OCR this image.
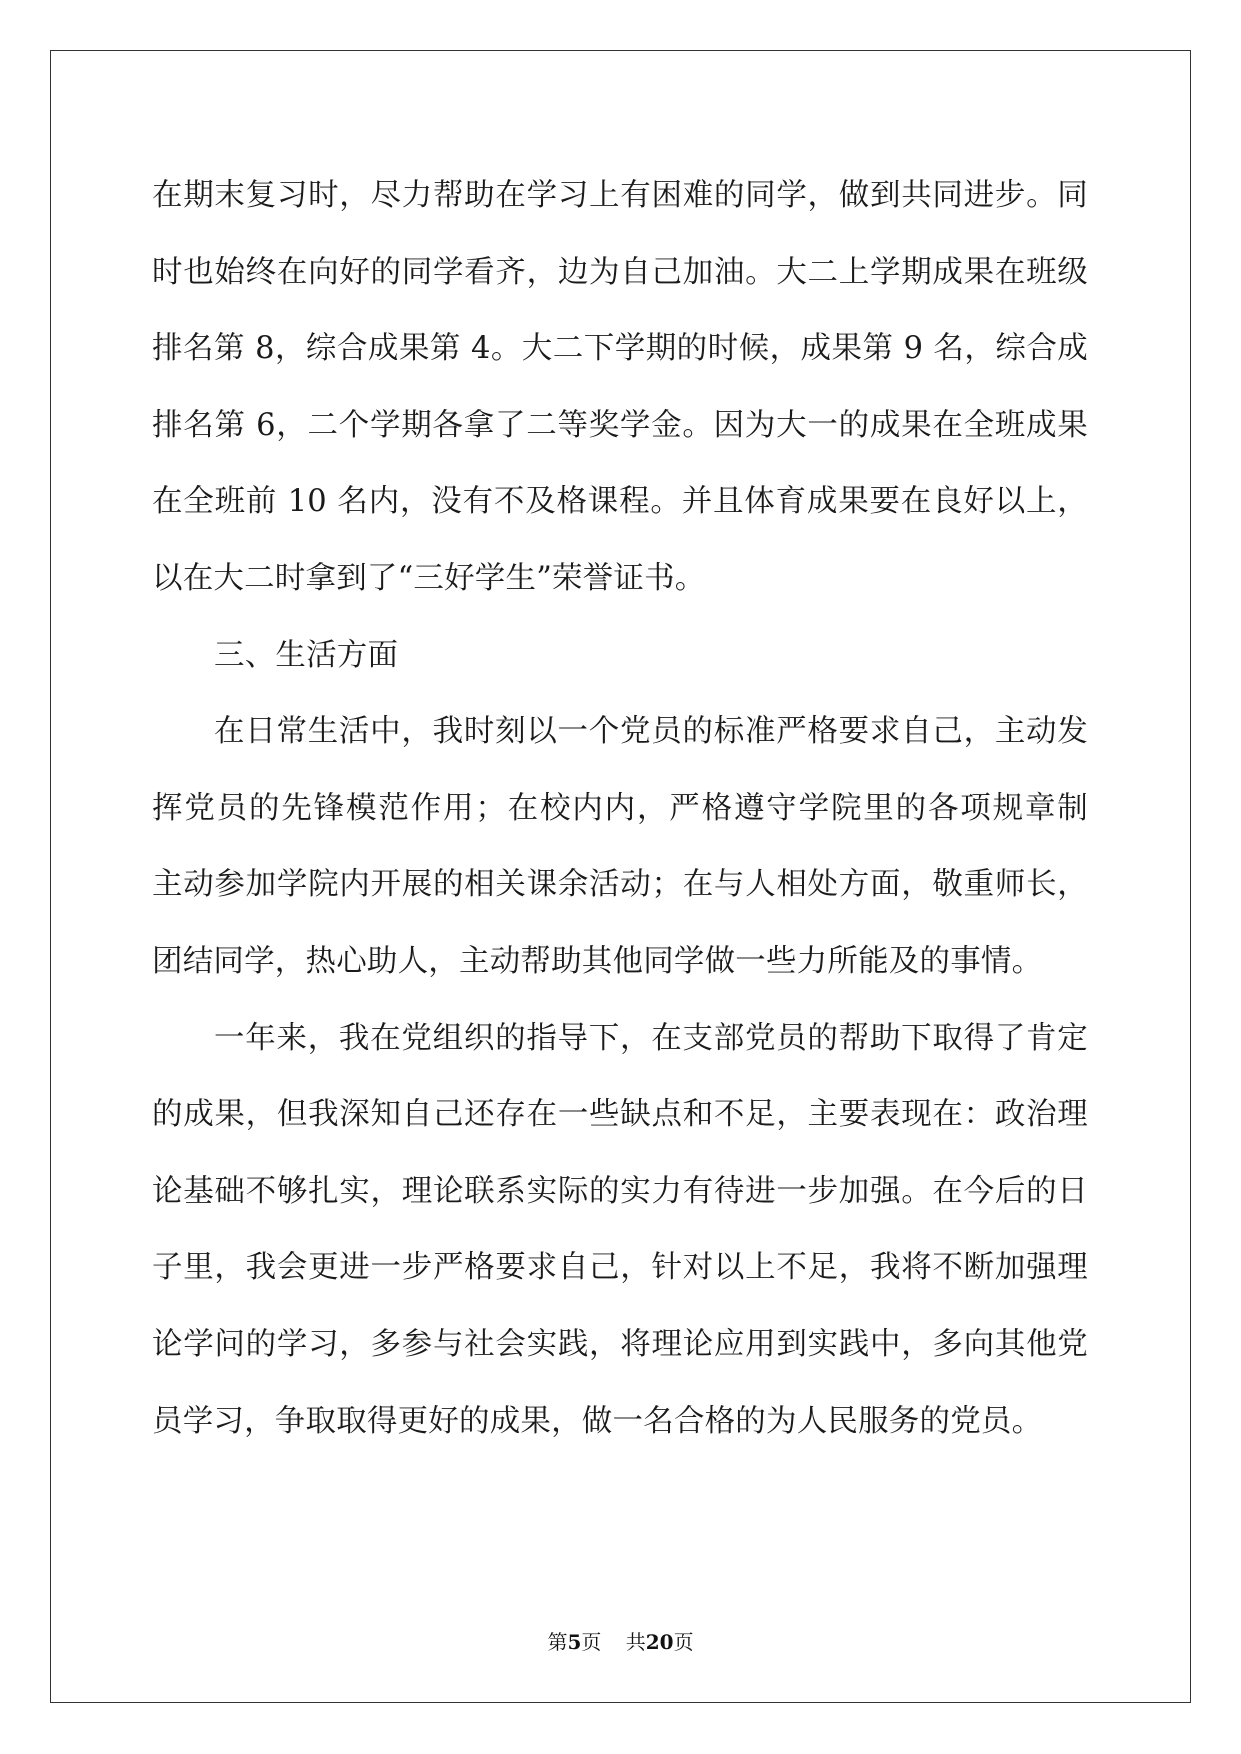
在期末复习时，尽力帮助在学习上有困难的同学，做到共同进步。同
时也始终在向好的同学看齐，边为自己加油。大二上学期成果在班级
排名第 8，综合成果第 4。大二下学期的时候，成果第 9 名，综合成
排名第 6，二个学期各拿了二等奖学金。因为大一的成果在全班成果
在全班前 10 名内，没有不及格课程。并且体育成果要在良好以上，
以在大二时拿到了“三好学生”荣誉证书。
三、生活方面
在日常生活中，我时刻以一个党员的标准严格要求自己，主动发
挥党员的先锋模范作用；在校内内，严格遵守学院里的各项规章制
主动参加学院内开展的相关课余活动；在与人相处方面，敬重师长，
团结同学，热心助人，主动帮助其他同学做一些力所能及的事情。
一年来，我在党组织的指导下，在支部党员的帮助下取得了肯定
的成果，但我深知自己还存在一些缺点和不足，主要表现在：政治理
论基础不够扎实，理论联系实际的实力有待进一步加强。在今后的日
子里，我会更进一步严格要求自己，针对以上不足，我将不断加强理
论学问的学习，多参与社会实践，将理论应用到实践中，多向其他党
员学习，争取取得更好的成果，做一名合格的为人民服务的党员。
第5页 共20页
